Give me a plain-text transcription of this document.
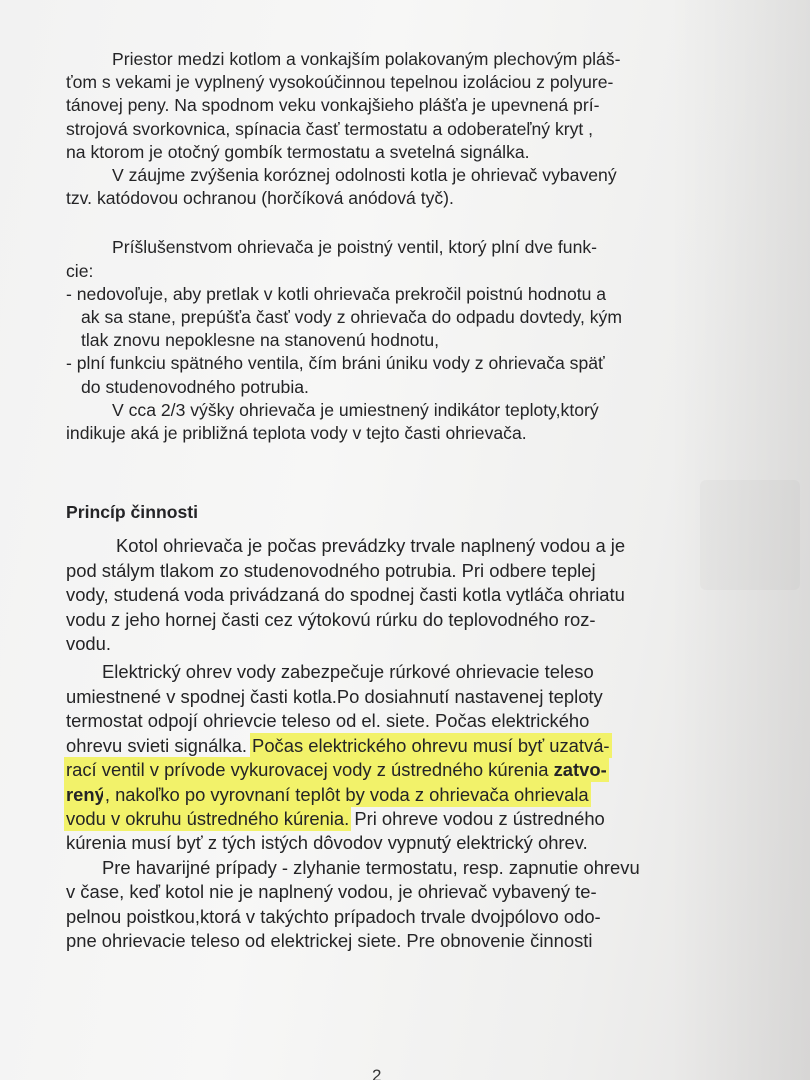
Priestor medzi kotlom a vonkajším polakovaným plechovým pláš-
ťom s vekami je vyplnený vysokoúčinnou tepelnou izoláciou z polyure-
tánovej peny. Na spodnom veku vonkajšieho plášťa je upevnená prí-
strojová svorkovnica, spínacia časť termostatu a odoberateľný kryt ,
na ktorom je otočný gombík termostatu a svetelná signálka.
V záujme zvýšenia koróznej odolnosti kotla je ohrievač vybavený
tzv. katódovou ochranou (horčíková anódová tyč).
Príšlušenstvom ohrievača je poistný ventil, ktorý plní dve funk-
cie:
- nedovoľuje, aby pretlak v kotli ohrievača prekročil poistnú hodnotu a
ak sa stane, prepúšťa časť vody z ohrievača do odpadu dovtedy, kým
tlak znovu nepoklesne na stanovenú hodnotu,
- plní funkciu spätného ventila, čím bráni úniku vody z ohrievača späť
do studenovodného potrubia.
V cca 2/3 výšky ohrievača je umiestnený indikátor teploty,ktorý
indikuje aká je približná teplota vody v tejto časti ohrievača.
Princíp činnosti
Kotol ohrievača je počas prevádzky trvale naplnený vodou a je
pod stálym tlakom zo studenovodného potrubia. Pri odbere teplej
vody, studená voda privádzaná do spodnej časti kotla vytláča ohriatu
vodu z jeho hornej časti cez výtokovú rúrku do teplovodného roz-
vodu.
Elektrický ohrev vody zabezpečuje rúrkové ohrievacie teleso
umiestnené v spodnej časti kotla.Po dosiahnutí nastavenej teploty
termostat odpojí ohrievcie teleso od el. siete. Počas elektrického
ohrevu svieti signálka. Počas elektrického ohrevu musí byť uzatvá-
rací ventil v prívode vykurovacej vody z ústredného kúrenia zatvo-
rený, nakoľko po vyrovnaní teplôt by voda z ohrievača ohrievala
vodu v okruhu ústredného kúrenia. Pri ohreve vodou z ústredného
kúrenia musí byť z tých istých dôvodov vypnutý elektrický ohrev.
Pre havarijné prípady - zlyhanie termostatu, resp. zapnutie ohrevu
v čase, keď kotol nie je naplnený vodou, je ohrievač vybavený te-
pelnou poistkou,ktorá v takýchto prípadoch trvale dvojpólovo odo-
pne ohrievacie teleso od elektrickej siete. Pre obnovenie činnosti
2
